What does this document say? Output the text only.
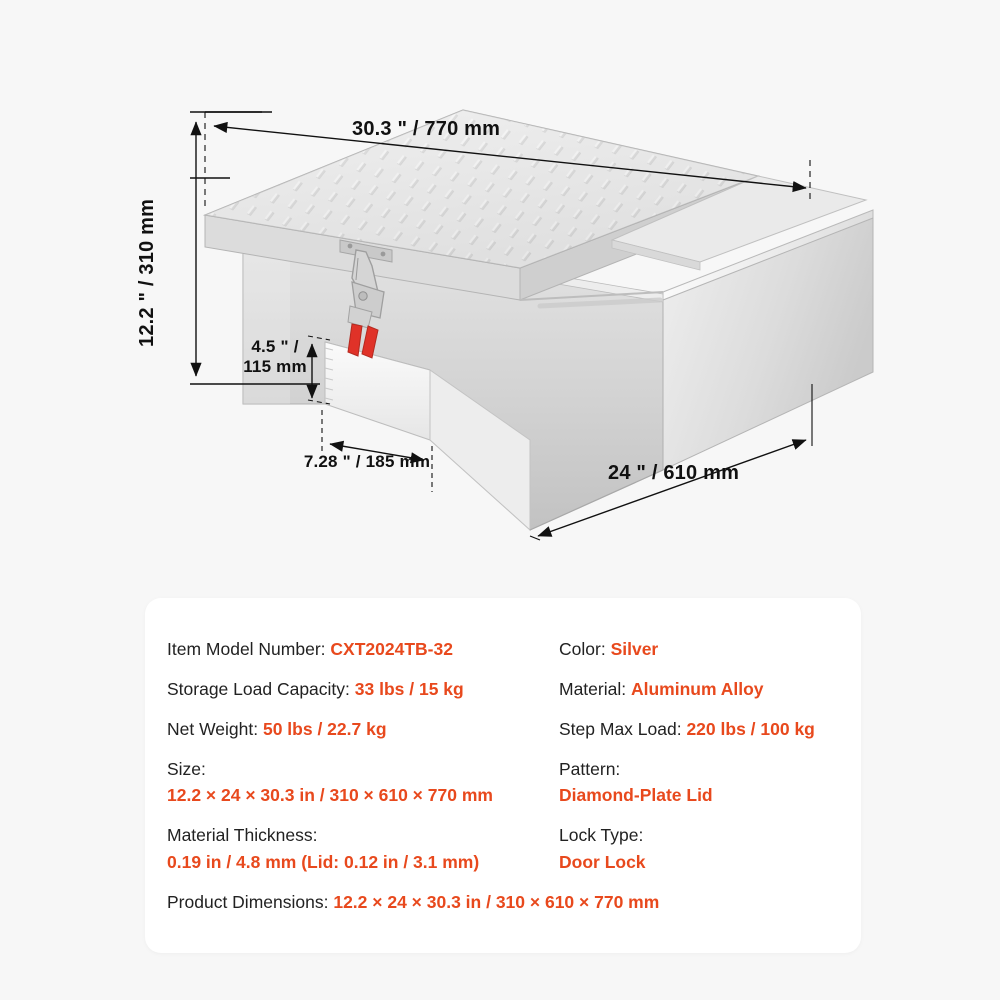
30.3 " / 770 mm
12.2 " / 310 mm	4.5 " / 115 mm
7.28 " / 185 mm
24 " / 610 mm
Item Model Number: CXT2024TB-32	Color: Silver
Storage Load Capacity: 33 lbs / 15 kg	Material: Aluminum Alloy
Net Weight: 50 lbs / 22.7 kg	Step Max Load: 220 lbs / 100 kg
Size:
12.2 × 24 × 30.3 in / 310 × 610 × 770 mm
Pattern:
Diamond-Plate Lid
Material Thickness:
0.19 in / 4.8 mm (Lid: 0.12 in / 3.1 mm)
Lock Type:
Door Lock
Product Dimensions: 12.2 × 24 × 30.3 in / 310 × 610 × 770 mm
